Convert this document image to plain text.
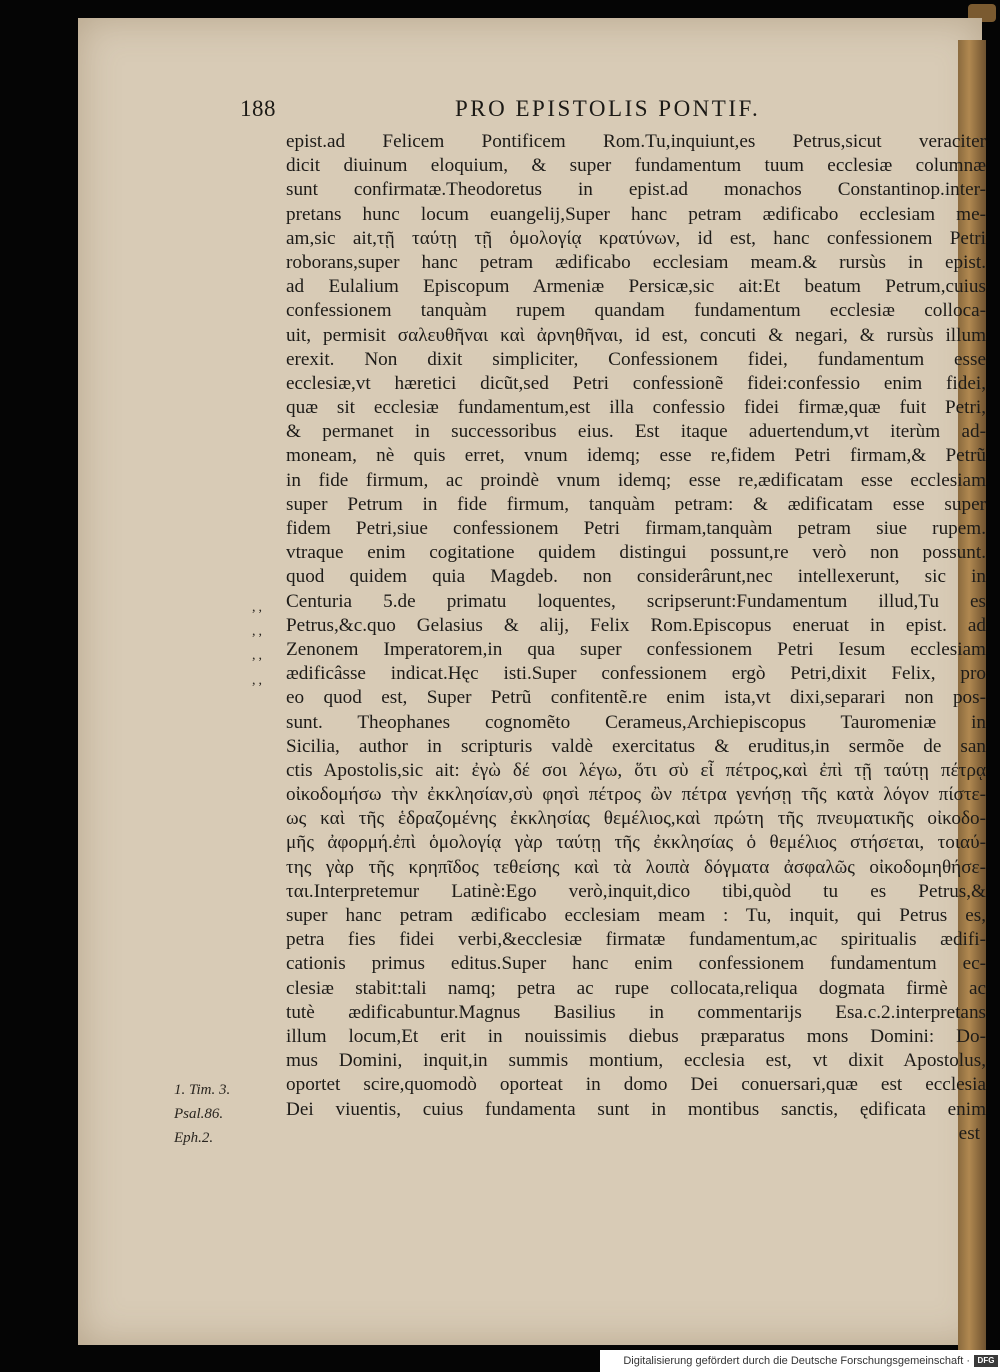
188	PRO EPISTOLIS PONTIF.
epist.ad Felicem Pontificem Rom.Tu,inquiunt,es Petrus,sicut veraciter
dicit diuinum eloquium, & super fundamentum tuum ecclesiæ columnæ
sunt confirmatæ.Theodoretus in epist.ad monachos Constantinop.inter-
pretans hunc locum euangelij,Super hanc petram ædificabo ecclesiam me-
am,sic ait,τῇ ταύτῃ τῇ ὁμολογίᾳ κρατύνων, id est, hanc confessionem Petri
roborans,super hanc petram ædificabo ecclesiam meam.& rursùs in epist.
ad Eulalium Episcopum Armeniæ Persicæ,sic ait:Et beatum Petrum,cuius
confessionem tanquàm rupem quandam fundamentum ecclesiæ colloca-
uit, permisit σαλευθῆναι καὶ ἀρνηθῆναι, id est, concuti & negari, & rursùs illum
erexit. Non dixit simpliciter, Confessionem fidei, fundamentum esse
ecclesiæ,vt hæretici dicũt,sed Petri confessionẽ fidei:confessio enim fidei,
quæ sit ecclesiæ fundamentum,est illa confessio fidei firmæ,quæ fuit Petri,
& permanet in successoribus eius. Est itaque aduertendum,vt iterùm ad-
moneam, nè quis erret, vnum idemq; esse re,fidem Petri firmam,& Petrũ
in fide firmum, ac proindè vnum idemq; esse re,ædificatam esse ecclesiam
super Petrum in fide firmum, tanquàm petram: & ædificatam esse super
fidem Petri,siue confessionem Petri firmam,tanquàm petram siue rupem.
vtraque enim cogitatione quidem distingui possunt,re verò non possunt.
quod quidem quia Magdeb. non considerârunt,nec intellexerunt, sic in
Centuria 5.de primatu loquentes, scripserunt:Fundamentum illud,Tu es
Petrus,&c.quo Gelasius & alij, Felix Rom.Episcopus eneruat in epist. ad
Zenonem Imperatorem,in qua super confessionem Petri Iesum ecclesiam
ædificâsse indicat.Hęc isti.Super confessionem ergò Petri,dixit Felix, pro
eo quod est, Super Petrũ confitentẽ.re enim ista,vt dixi,separari non pos-
sunt. Theophanes cognomẽto Cerameus,Archiepiscopus Tauromeniæ in
Sicilia, author in scripturis valdè exercitatus & eruditus,in sermõe de san
ctis Apostolis,sic ait: ἐγὼ δέ σοι λέγω, ὅτι σὺ εἶ πέτρος,καὶ ἐπὶ τῇ ταύτῃ πέτρᾳ
οἰκοδομήσω τὴν ἐκκλησίαν,σὺ φησὶ πέτρος ὢν πέτρα γενήσῃ τῆς κατὰ λόγον πίστε-
ως καὶ τῆς ἑδραζομένης ἐκκλησίας θεμέλιος,καὶ πρώτη τῆς πνευματικῆς οἰκοδο-
μῆς ἀφορμή.ἐπὶ ὁμολογίᾳ γὰρ ταύτῃ τῆς ἐκκλησίας ὁ θεμέλιος στήσεται, τοιαύ-
της γὰρ τῆς κρηπῖδος τεθείσης καὶ τὰ λοιπὰ δόγματα ἀσφαλῶς οἰκοδομηθήσε-
ται.Interpretemur Latinè:Ego verò,inquit,dico tibi,quòd tu es Petrus,&
super hanc petram ædificabo ecclesiam meam : Tu, inquit, qui Petrus es,
petra fies fidei verbi,&ecclesiæ firmatæ fundamentum,ac spiritualis ædifi-
cationis primus editus.Super hanc enim confessionem fundamentum ec-
clesiæ stabit:tali namq; petra ac rupe collocata,reliqua dogmata firmè ac
tutè ædificabuntur.Magnus Basilius in commentarijs Esa.c.2.interpretans
illum locum,Et erit in nouissimis diebus præparatus mons Domini: Do-
mus Domini, inquit,in summis montium, ecclesia est, vt dixit Apostolus,
oportet scire,quomodò oporteat in domo Dei conuersari,quæ est ecclesia
Dei viuentis, cuius fundamenta sunt in montibus sanctis, ędificata enim
est
,,
,,
,,
,,
1. Tim. 3.
Psal.86.
Eph.2.
Digitalisierung gefördert durch die Deutsche Forschungsgemeinschaft · DFG
